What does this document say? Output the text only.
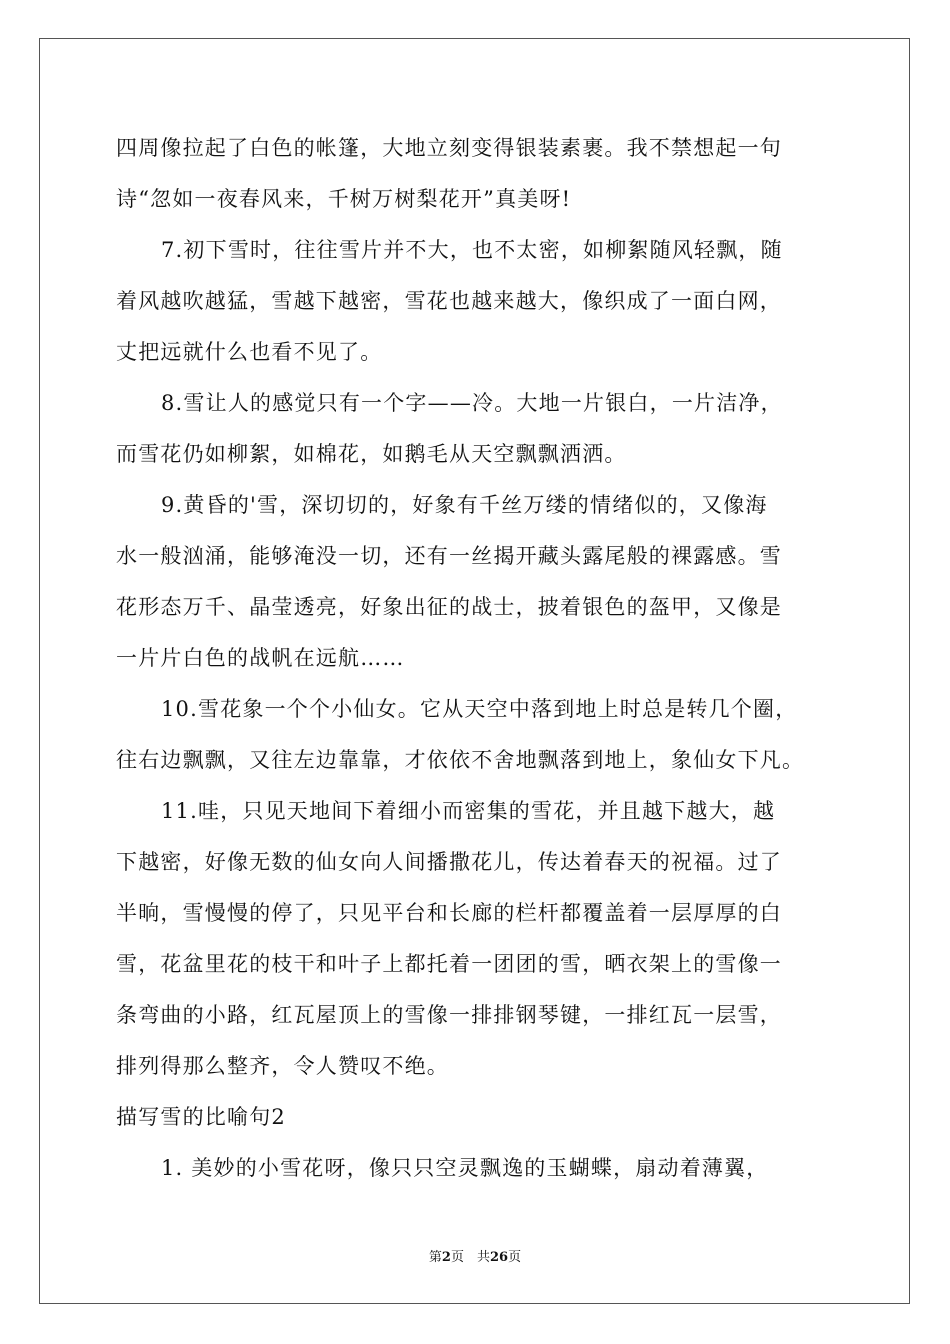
四周像拉起了白色的帐篷，大地立刻变得银装素裹。我不禁想起一句
诗“忽如一夜春风来，千树万树梨花开”真美呀!
7.初下雪时，往往雪片并不大，也不太密，如柳絮随风轻飘，随
着风越吹越猛，雪越下越密，雪花也越来越大，像织成了一面白网，
丈把远就什么也看不见了。
8.雪让人的感觉只有一个字——冷。大地一片银白，一片洁净，
而雪花仍如柳絮，如棉花，如鹅毛从天空飘飘洒洒。
9.黄昏的'雪，深切切的，好象有千丝万缕的情绪似的，又像海
水一般汹涌，能够淹没一切，还有一丝揭开藏头露尾般的裸露感。雪
花形态万千、晶莹透亮，好象出征的战士，披着银色的盔甲，又像是
一片片白色的战帆在远航……
10.雪花象一个个小仙女。它从天空中落到地上时总是转几个圈，
往右边飘飘，又往左边靠靠，才依依不舍地飘落到地上，象仙女下凡。
11.哇，只见天地间下着细小而密集的雪花，并且越下越大，越
下越密，好像无数的仙女向人间播撒花儿，传达着春天的祝福。过了
半晌，雪慢慢的停了，只见平台和长廊的栏杆都覆盖着一层厚厚的白
雪，花盆里花的枝干和叶子上都托着一团团的雪，晒衣架上的雪像一
条弯曲的小路，红瓦屋顶上的雪像一排排钢琴键，一排红瓦一层雪，
排列得那么整齐，令人赞叹不绝。
描写雪的比喻句2
1. 美妙的小雪花呀，像只只空灵飘逸的玉蝴蝶，扇动着薄翼，
第2页　共26页
